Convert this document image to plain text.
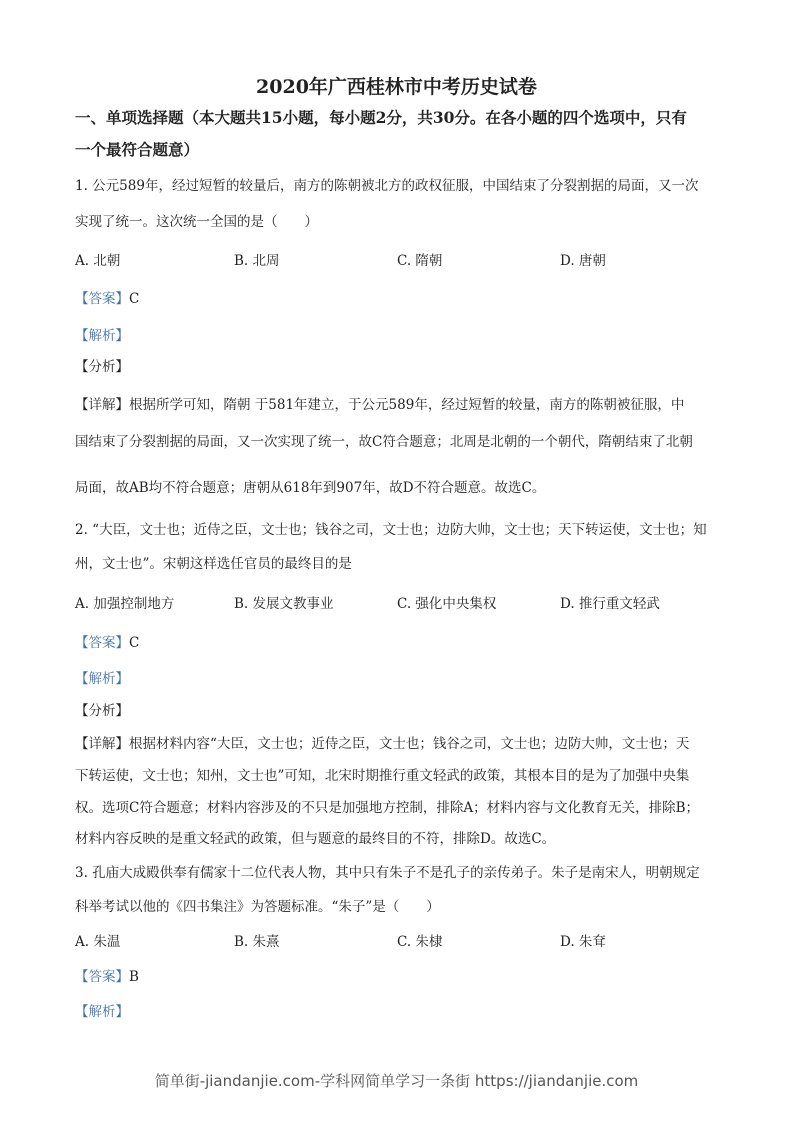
2020年广西桂林市中考历史试卷
一、单项选择题（本大题共15小题，每小题2分，共30分。在各小题的四个选项中，只有
一个最符合题意）
1. 公元589年，经过短暂的较量后，南方的陈朝被北方的政权征服，中国结束了分裂割据的局面，又一次
实现了统一。这次统一全国的是（　　）
A. 北朝	B. 北周	C. 隋朝	D. 唐朝
【答案】C
【解析】
【分析】
【详解】根据所学可知，隋朝 于581年建立，于公元589年，经过短暂的较量，南方的陈朝被征服，中
国结束了分裂割据的局面，又一次实现了统一，故C符合题意；北周是北朝的一个朝代，隋朝结束了北朝
局面，故AB均不符合题意；唐朝从618年到907年，故D不符合题意。故选C。
2. “大臣，文士也；近侍之臣，文士也；钱谷之司，文士也；边防大帅，文士也；天下转运使，文士也；知
州，文士也”。宋朝这样选任官员的最终目的是
A. 加强控制地方	B. 发展文教事业	C. 强化中央集权	D. 推行重文轻武
【答案】C
【解析】
【分析】
【详解】根据材料内容“大臣，文士也；近侍之臣，文士也；钱谷之司，文士也；边防大帅，文士也；天
下转运使，文士也；知州，文士也”可知，北宋时期推行重文轻武的政策，其根本目的是为了加强中央集
权。选项C符合题意；材料内容涉及的不只是加强地方控制，排除A；材料内容与文化教育无关，排除B；
材料内容反映的是重文轻武的政策，但与题意的最终目的不符，排除D。故选C。
3. 孔庙大成殿供奉有儒家十二位代表人物，其中只有朱子不是孔子的亲传弟子。朱子是南宋人，明朝规定
科举考试以他的《四书集注》为答题标准。“朱子”是（　　）
A. 朱温	B. 朱熹	C. 朱棣	D. 朱耷
【答案】B
【解析】
简单街-jiandanjie.com-学科网简单学习一条街 https://jiandanjie.com
